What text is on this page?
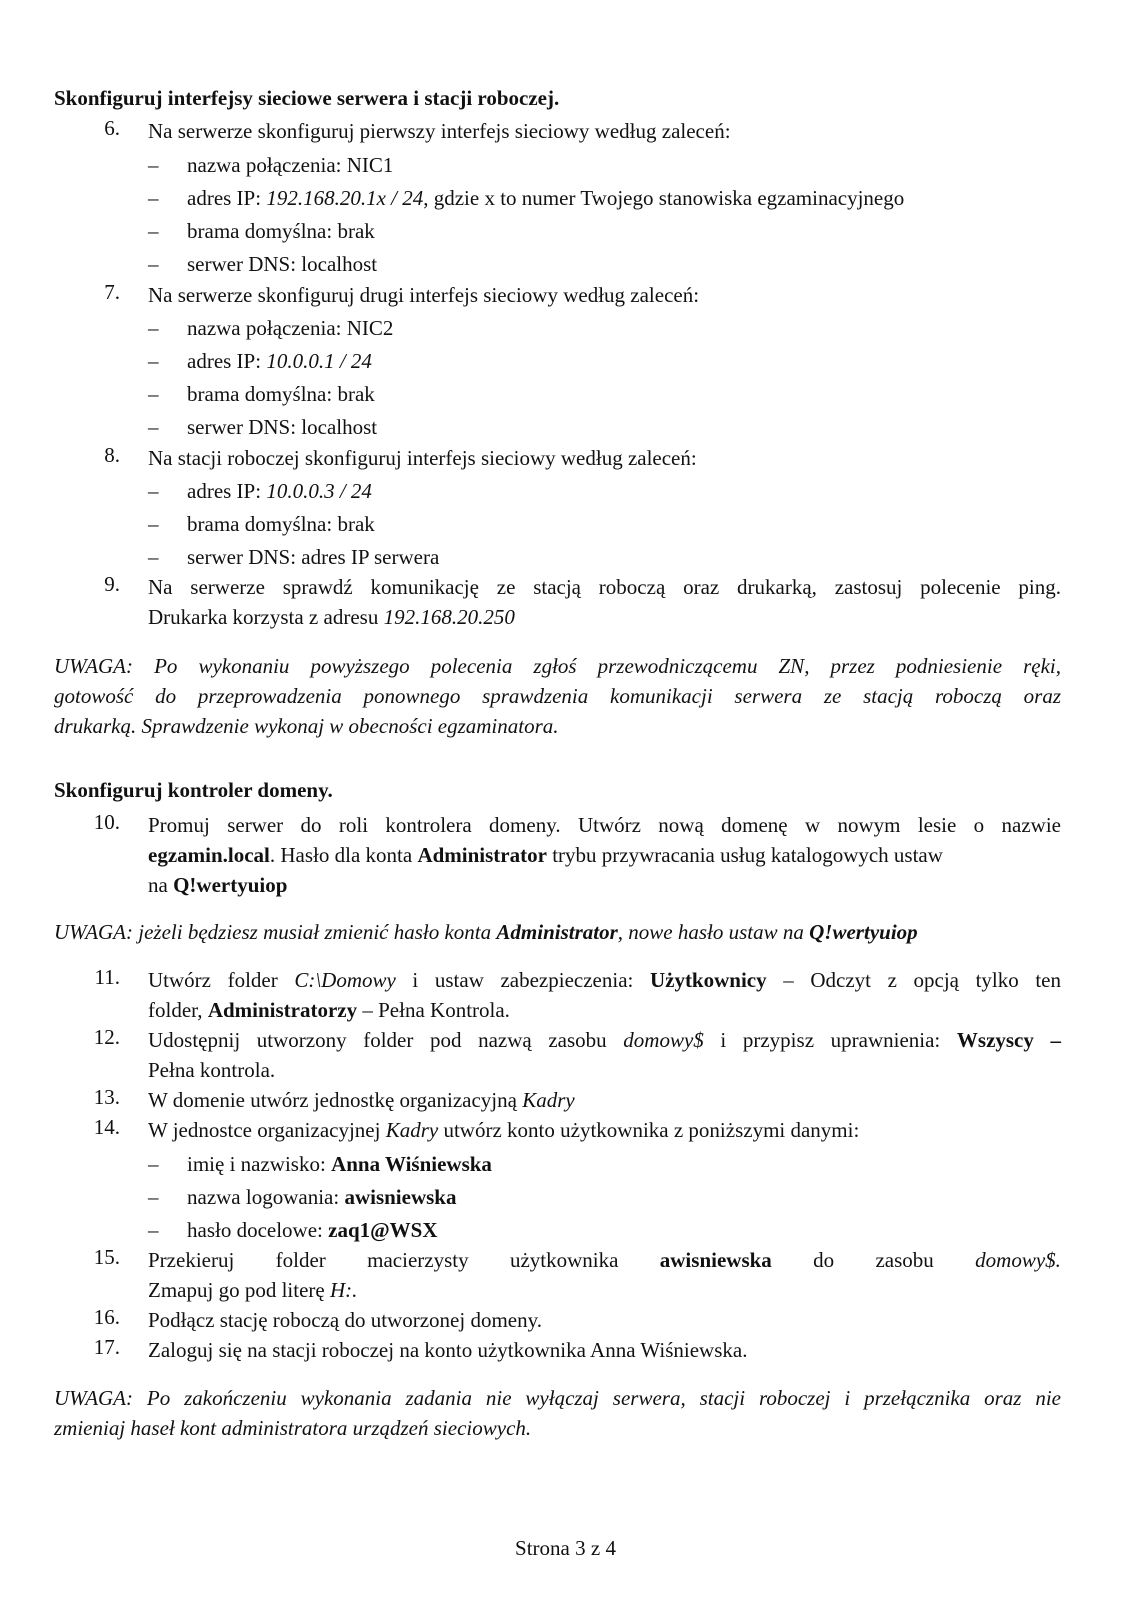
Skonfiguruj interfejsy sieciowe serwera i stacji roboczej.
6. Na serwerze skonfiguruj pierwszy interfejs sieciowy według zaleceń:
–	nazwa połączenia: NIC1
–	adres IP: 192.168.20.1x / 24, gdzie x to numer Twojego stanowiska egzaminacyjnego
–	brama domyślna: brak
–	serwer DNS: localhost
7. Na serwerze skonfiguruj drugi interfejs sieciowy według zaleceń:
–	nazwa połączenia: NIC2
–	adres IP: 10.0.0.1 / 24
–	brama domyślna: brak
–	serwer DNS: localhost
8. Na stacji roboczej skonfiguruj interfejs sieciowy według zaleceń:
–	adres IP: 10.0.0.3 / 24
–	brama domyślna: brak
–	serwer DNS: adres IP serwera
9. Na serwerze sprawdź komunikację ze stacją roboczą oraz drukarką, zastosuj polecenie ping.
Drukarka korzysta z adresu 192.168.20.250
UWAGA: Po wykonaniu powyższego polecenia zgłoś przewodniczącemu ZN, przez podniesienie ręki,
gotowość do przeprowadzenia ponownego sprawdzenia komunikacji serwera ze stacją roboczą oraz
drukarką. Sprawdzenie wykonaj w obecności egzaminatora.
Skonfiguruj kontroler domeny.
10. Promuj serwer do roli kontrolera domeny. Utwórz nową domenę w nowym lesie o nazwie
egzamin.local. Hasło dla konta Administrator trybu przywracania usług katalogowych ustaw
na Q!wertyuiop
UWAGA: jeżeli będziesz musiał zmienić hasło konta Administrator, nowe hasło ustaw na Q!wertyuiop
11. Utwórz folder C:\Domowy i ustaw zabezpieczenia: Użytkownicy – Odczyt z opcją tylko ten
folder, Administratorzy – Pełna Kontrola.
12. Udostępnij utworzony folder pod nazwą zasobu domowy$ i przypisz uprawnienia: Wszyscy –
Pełna kontrola.
13. W domenie utwórz jednostkę organizacyjną Kadry
14. W jednostce organizacyjnej Kadry utwórz konto użytkownika z poniższymi danymi:
–	imię i nazwisko: Anna Wiśniewska
–	nazwa logowania: awisniewska
–	hasło docelowe: zaq1@WSX
15. Przekieruj folder macierzysty użytkownika awisniewska do zasobu domowy$.
Zmapuj go pod literę H:.
16. Podłącz stację roboczą do utworzonej domeny.
17. Zaloguj się na stacji roboczej na konto użytkownika Anna Wiśniewska.
UWAGA: Po zakończeniu wykonania zadania nie wyłączaj serwera, stacji roboczej i przełącznika oraz nie
zmieniaj haseł kont administratora urządzeń sieciowych.
Strona 3 z 4
